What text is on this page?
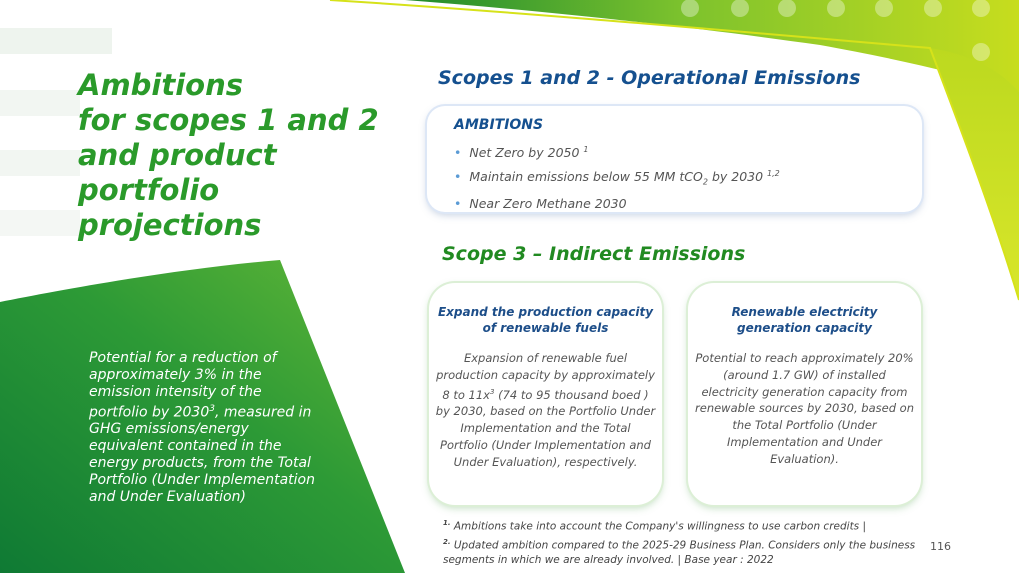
Ambitions
for scopes 1 and 2
and product
portfolio
projections
Scopes 1 and 2 - Operational Emissions
AMBITIONS
• Net Zero by 2050 $^1$
• Maintain emissions below 55 MM tCO$_2$ by 2030 $^{1,2}$
• Near Zero Methane 2030
Scope 3 – Indirect Emissions
Expand the production capacity of renewable fuels
Expansion of renewable fuel production capacity by approximately 8 to $11x^3$ (74 to 95 thousand boed ) by 2030, based on the Portfolio Under Implementation and the Total Portfolio (Under Implementation and Under Evaluation), respectively.
Renewable electricity generation capacity
Potential to reach approximately 20% (around 1.7 GW) of installed electricity generation capacity from renewable sources by 2030, based on the Total Portfolio (Under Implementation and Under Evaluation).
Potential for a reduction of approximately 3% in the emission intensity of the portfolio by 2030$^3$, measured in GHG emissions/energy equivalent contained in the energy products, from the Total Portfolio (Under Implementation and Under Evaluation)
$^{1.}$ Ambitions take into account the Company's willingness to use carbon credits |
$^{2.}$ Updated ambition compared to the 2025-29 Business Plan. Considers only the business segments in which we are already involved. | Base year : 2022
116
